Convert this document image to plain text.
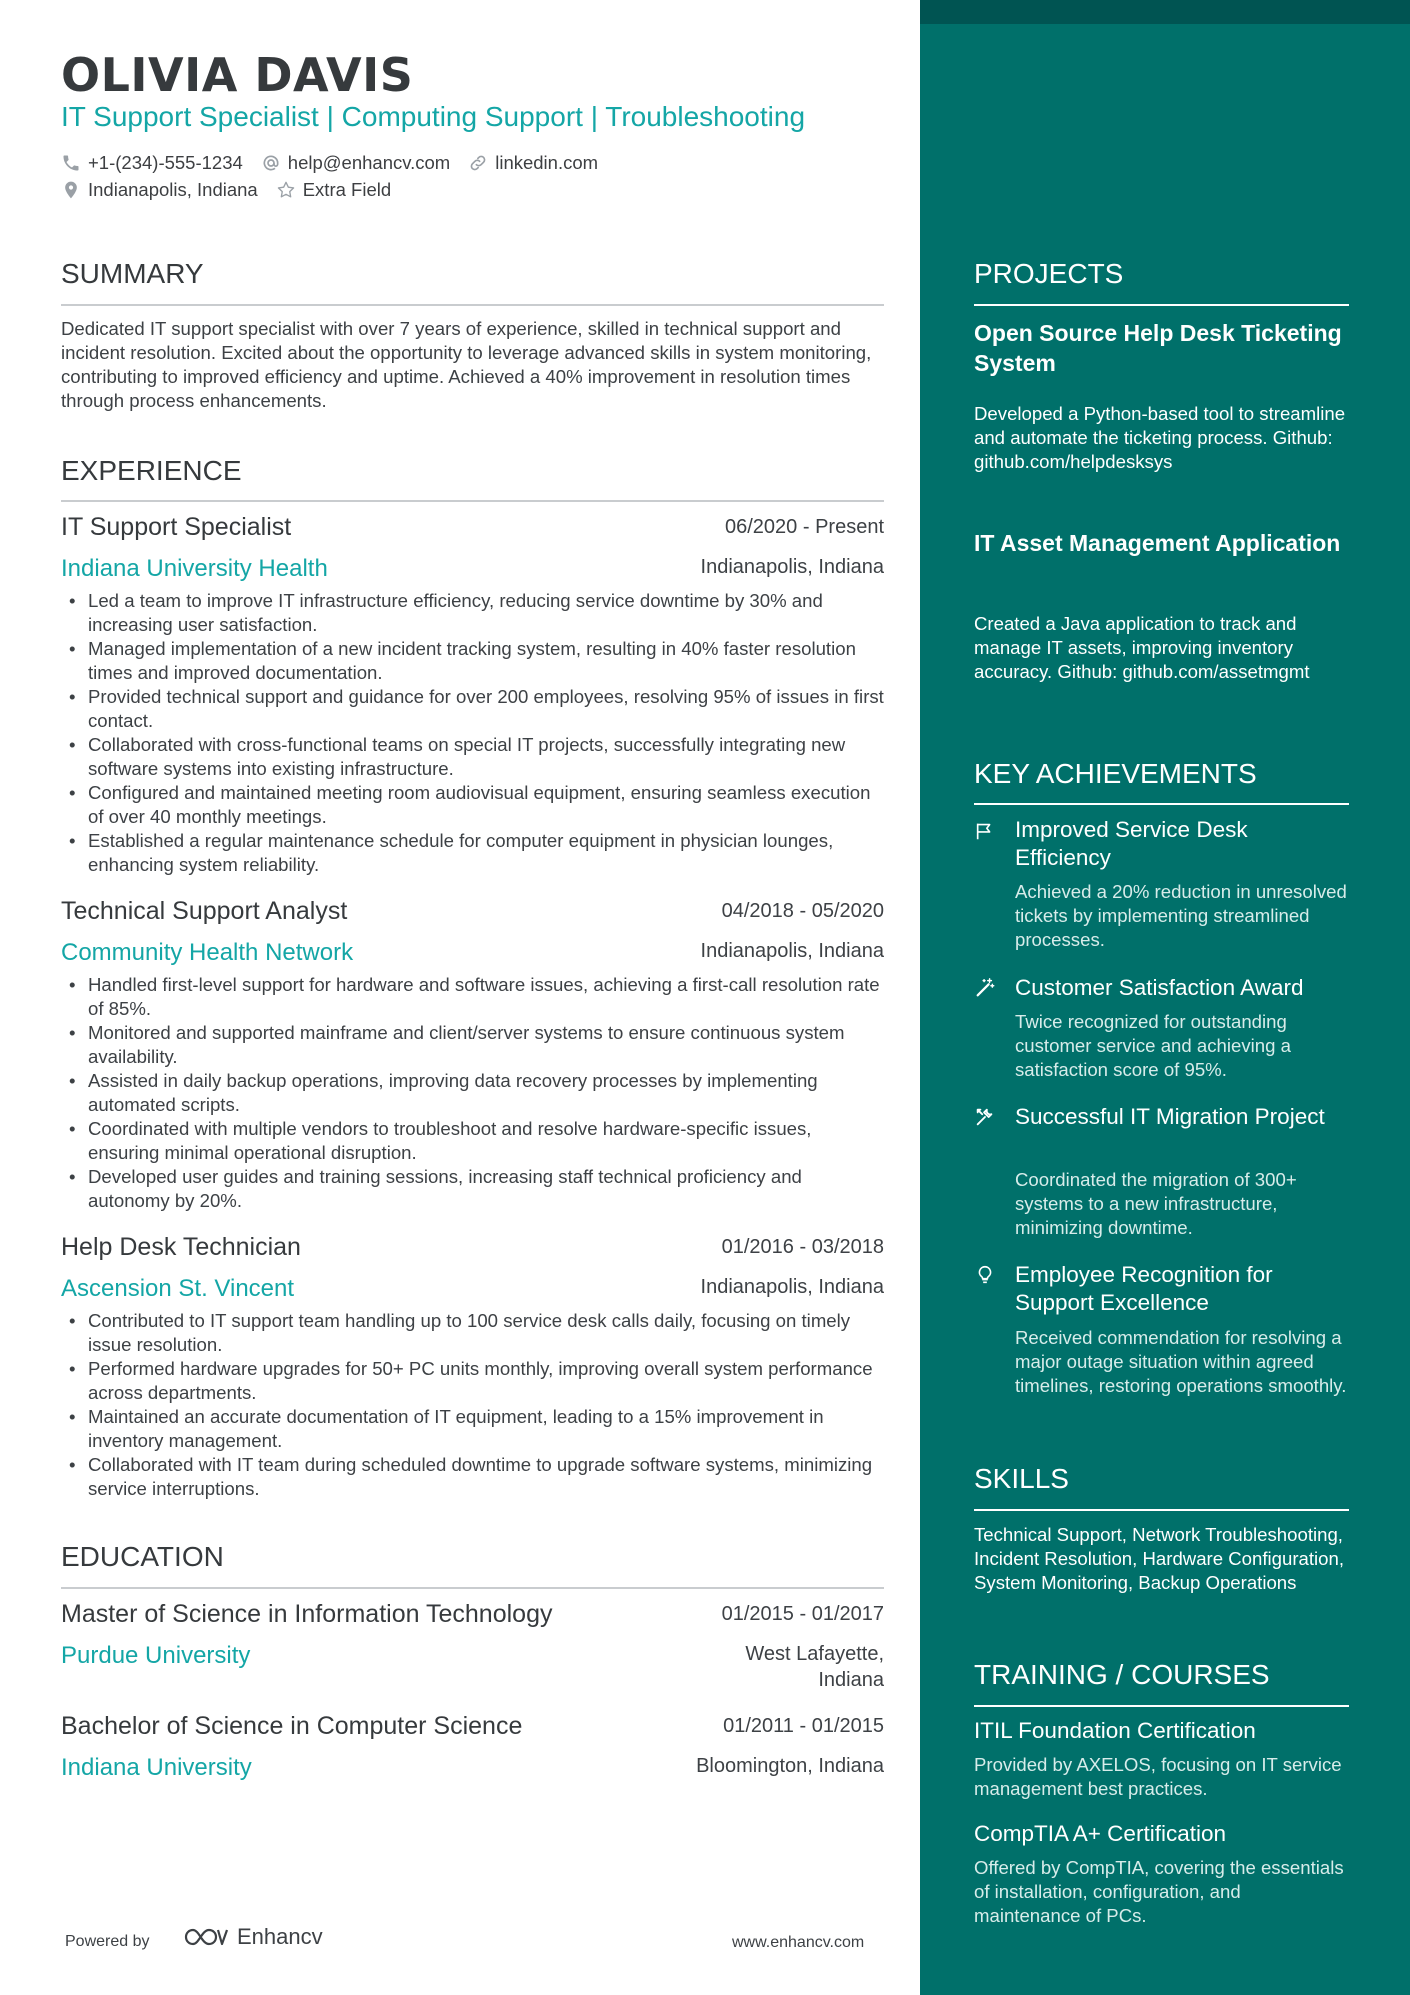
OLIVIA DAVIS
IT Support Specialist | Computing Support | Troubleshooting
+1-(234)-555-1234 help@enhancv.com linkedin.com
Indianapolis, Indiana Extra Field
SUMMARY
Dedicated IT support specialist with over 7 years of experience, skilled in technical support and incident resolution. Excited about the opportunity to leverage advanced skills in system monitoring, contributing to improved efficiency and uptime. Achieved a 40% improvement in resolution times through process enhancements.
EXPERIENCE
IT Support Specialist	06/2020 - Present
Indiana University Health	Indianapolis, Indiana
• Led a team to improve IT infrastructure efficiency, reducing service downtime by 30% and increasing user satisfaction.
• Managed implementation of a new incident tracking system, resulting in 40% faster resolution times and improved documentation.
• Provided technical support and guidance for over 200 employees, resolving 95% of issues in first contact.
• Collaborated with cross-functional teams on special IT projects, successfully integrating new software systems into existing infrastructure.
• Configured and maintained meeting room audiovisual equipment, ensuring seamless execution of over 40 monthly meetings.
• Established a regular maintenance schedule for computer equipment in physician lounges, enhancing system reliability.
Technical Support Analyst	04/2018 - 05/2020
Community Health Network	Indianapolis, Indiana
• Handled first-level support for hardware and software issues, achieving a first-call resolution rate of 85%.
• Monitored and supported mainframe and client/server systems to ensure continuous system availability.
• Assisted in daily backup operations, improving data recovery processes by implementing automated scripts.
• Coordinated with multiple vendors to troubleshoot and resolve hardware-specific issues, ensuring minimal operational disruption.
• Developed user guides and training sessions, increasing staff technical proficiency and autonomy by 20%.
Help Desk Technician	01/2016 - 03/2018
Ascension St. Vincent	Indianapolis, Indiana
• Contributed to IT support team handling up to 100 service desk calls daily, focusing on timely issue resolution.
• Performed hardware upgrades for 50+ PC units monthly, improving overall system performance across departments.
• Maintained an accurate documentation of IT equipment, leading to a 15% improvement in inventory management.
• Collaborated with IT team during scheduled downtime to upgrade software systems, minimizing service interruptions.
EDUCATION
Master of Science in Information Technology	01/2015 - 01/2017
Purdue University	West Lafayette,
Indiana
Bachelor of Science in Computer Science	01/2011 - 01/2015
Indiana University	Bloomington, Indiana
Powered by	Enhancv	www.enhancv.com
PROJECTS
Open Source Help Desk Ticketing System
Developed a Python-based tool to streamline and automate the ticketing process. Github: github.com/helpdesksys
IT Asset Management Application
Created a Java application to track and manage IT assets, improving inventory accuracy. Github: github.com/assetmgmt
KEY ACHIEVEMENTS
Improved Service Desk Efficiency
Achieved a 20% reduction in unresolved tickets by implementing streamlined processes.
Customer Satisfaction Award
Twice recognized for outstanding customer service and achieving a satisfaction score of 95%.
Successful IT Migration Project
Coordinated the migration of 300+ systems to a new infrastructure, minimizing downtime.
Employee Recognition for Support Excellence
Received commendation for resolving a major outage situation within agreed timelines, restoring operations smoothly.
SKILLS
Technical Support, Network Troubleshooting, Incident Resolution, Hardware Configuration, System Monitoring, Backup Operations
TRAINING / COURSES
ITIL Foundation Certification
Provided by AXELOS, focusing on IT service management best practices.
CompTIA A+ Certification
Offered by CompTIA, covering the essentials of installation, configuration, and maintenance of PCs.
